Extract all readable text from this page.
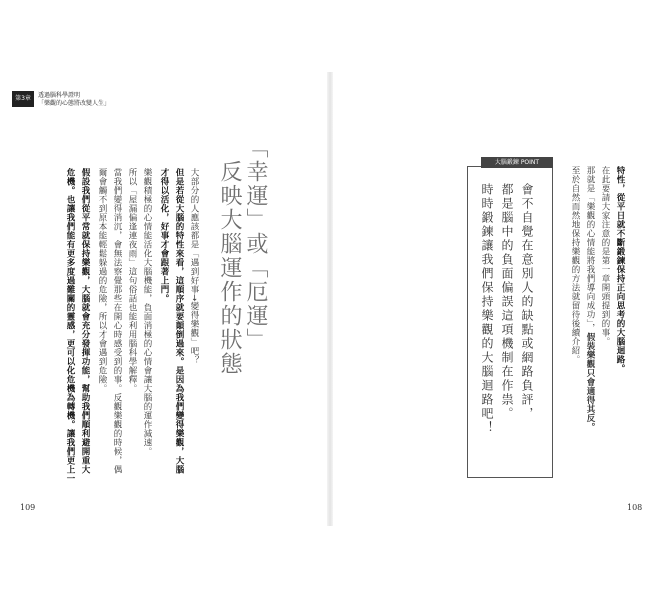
第3章	透過腦科學證明
「樂觀的心態將改變人生」
「幸運」或「厄運」
反映大腦運作的狀態
大部分的人應該都是「遇到好事→變得樂觀」吧？
但是若從大腦的特性來看，這順序就要顛倒過來。是因為我們變得樂觀，大腦
才得以活化，好事才會跟著上門。
樂觀積極的心情能活化大腦機能，負面消極的心情會讓大腦的運作減速。
所以「屋漏偏逢連夜雨」這句俗話也能利用腦科學解釋。
當我們變得消沉，會無法察覺那些在開心時感受到的事。反觀樂觀的時候，偶
爾會觸不到原本能輕鬆躲過的危險，所以才會遇到危險。
假設我們從平常就保持樂觀，大腦就會充分發揮功能，幫助我們順利避開重大
危機。也讓我們能有更多度過難關的靈感，更可以化危機為轉機。讓我們更上一
109
特性，從平日就不斷鍛鍊保持正向思考的大腦迴路。
在此要請大家注意的是第一章開頭提到的事。
那就是「樂觀的心情能將我們導向成功」，假裝樂觀只會適得其反。
至於自然而然地保持樂觀的方法就留待後續介紹。
大腦鍛鍊 POINT
會不自覺在意別人的缺點或網路負評，
都是腦中的負面偏誤這項機制在作祟。
時時鍛鍊讓我們保持樂觀的大腦迴路吧！
108
